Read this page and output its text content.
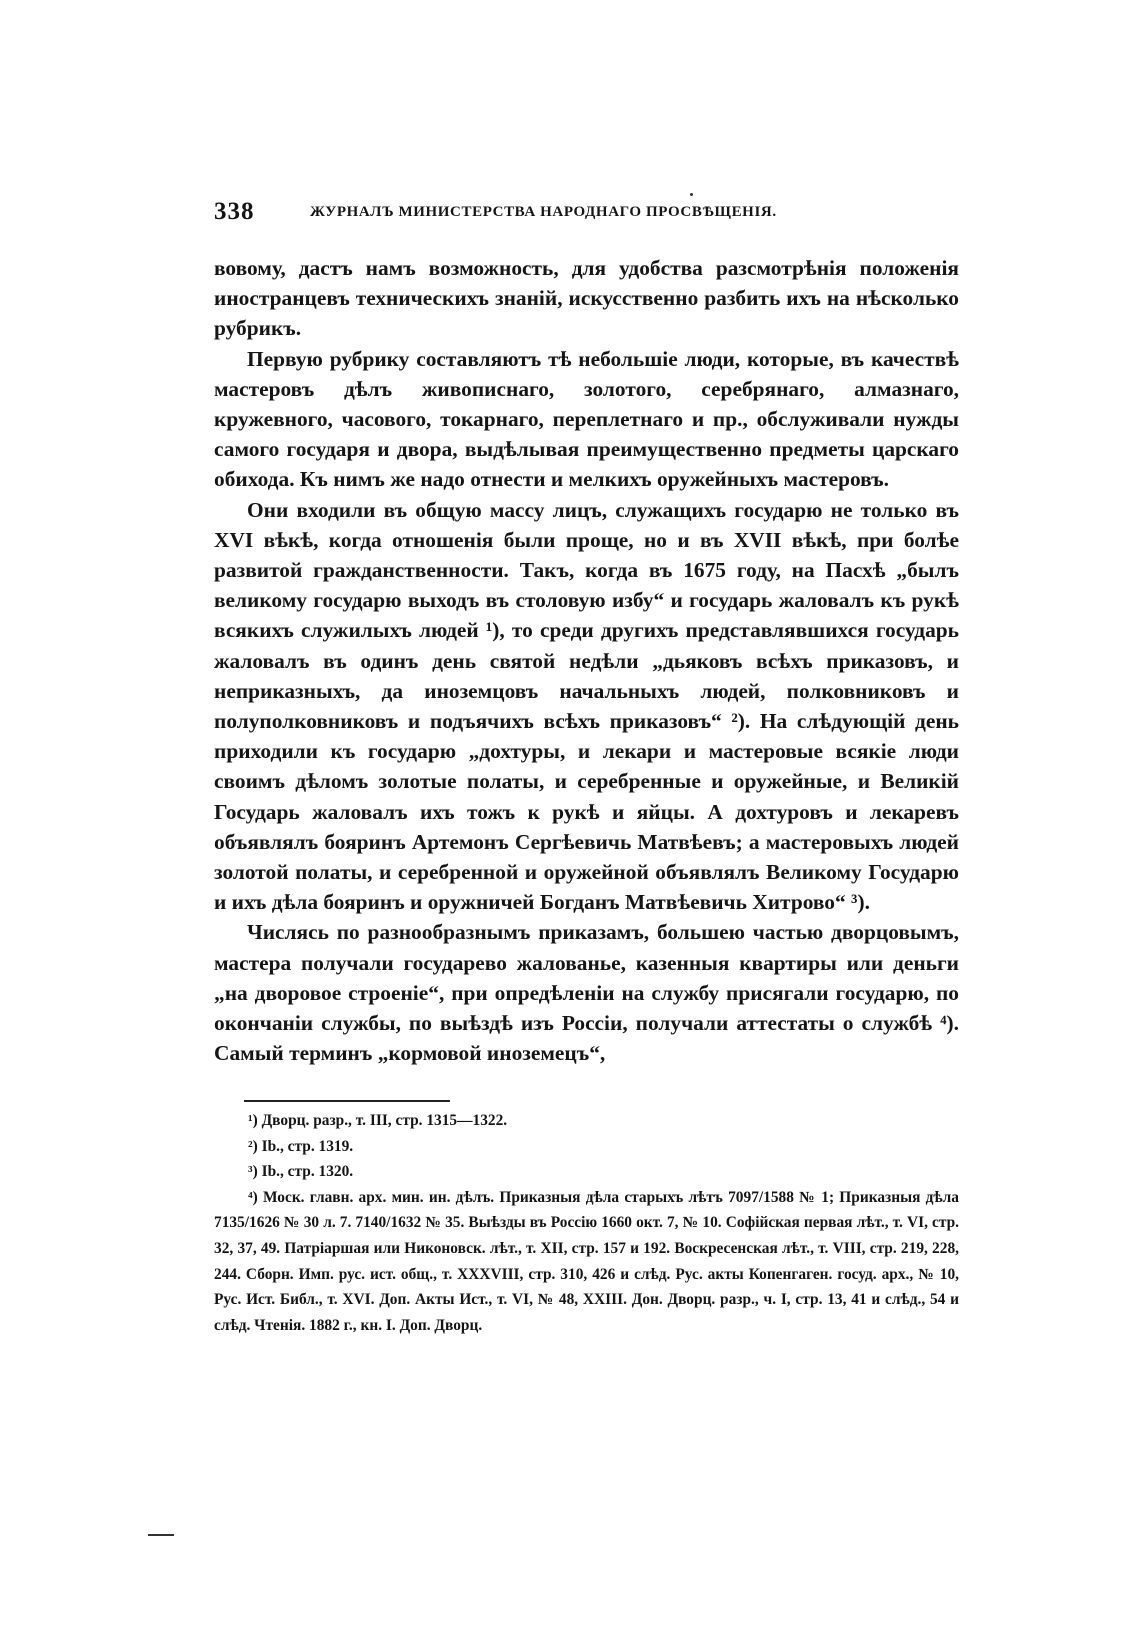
338	ЖУРНАЛЪ МИНИСТЕРСТВА НАРОДНАГО ПРОСВѢЩЕНІЯ.

вовому, дастъ намъ возможность, для удобства разсмотрѣнія положенія иностранцевъ техническихъ знаній, искусственно разбить ихъ на нѣсколько рубрикъ.

Первую рубрику составляютъ тѣ небольшіе люди, которые, въ качествѣ мастеровъ дѣлъ живописнаго, золотого, серебрянаго, алмазнаго, кружевного, часового, токарнаго, переплетнаго и пр., обслуживали нужды самого государя и двора, выдѣлывая преимущественно предметы царскаго обихода. Къ нимъ же надо отнести и мелкихъ оружейныхъ мастеровъ.

Они входили въ общую массу лицъ, служащихъ государю не только въ XVI вѣкѣ, когда отношенія были проще, но и въ XVII вѣкѣ, при болѣе развитой гражданственности. Такъ, когда въ 1675 году, на Пасхѣ „былъ великому государю выходъ въ столовую избу“ и государь жаловалъ къ рукѣ всякихъ служилыхъ людей ¹), то среди другихъ представлявшихся государь жаловалъ въ одинъ день святой недѣли „дьяковъ всѣхъ приказовъ, и неприказныхъ, да иноземцовъ начальныхъ людей, полковниковъ и полуполковниковъ и подъячихъ всѣхъ приказовъ“ ²). На слѣдующій день приходили къ государю „дохтуры, и лекари и мастеровые всякіе люди своимъ дѣломъ золотые полаты, и серебренные и оружейные, и Великій Государь жаловалъ ихъ тожъ к рукѣ и яйцы. А дохтуровъ и лекаревъ объявлялъ бояринъ Артемонъ Сергѣевичь Матвѣевъ; а мастеровыхъ людей золотой полаты, и серебренной и оружейной объявлялъ Великому Государю и ихъ дѣла бояринъ и оружничей Богданъ Матвѣевичь Хитрово“ ³).

Числясь по разнообразнымъ приказамъ, большею частью дворцовымъ, мастера получали государево жалованье, казенныя квартиры или деньги „на дворовое строеніе“, при опредѣленіи на службу присягали государю, по окончаніи службы, по выѣздѣ изъ Россіи, получали аттестаты о службѣ ⁴). Самый терминъ „кормовой иноземецъ“,

¹) Дворц. разр., т. III, стр. 1315—1322.

²) Ib., стр. 1319.

³) Ib., стр. 1320.

⁴) Моск. главн. арх. мин. ин. дѣлъ. Приказныя дѣла старыхъ лѣтъ 7097/1588 № 1; Приказныя дѣла 7135/1626 № 30 л. 7. 7140/1632 № 35. Выѣзды въ Россію 1660 окт. 7, № 10. Софійская первая лѣт., т. VI, стр. 32, 37, 49. Патріаршая или Никоновск. лѣт., т. XII, стр. 157 и 192. Воскресенская лѣт., т. VIII, стр. 219, 228, 244. Сборн. Имп. рус. ист. общ., т. XXXVIII, стр. 310, 426 и слѣд. Рус. акты Копенгаген. госуд. арх., № 10, Рус. Ист. Библ., т. XVI. Доп. Акты Ист., т. VI, № 48, XXIII. Дон. Дворц. разр., ч. I, стр. 13, 41 и слѣд., 54 и слѣд. Чтенія. 1882 г., кн. I. Доп. Дворц.
